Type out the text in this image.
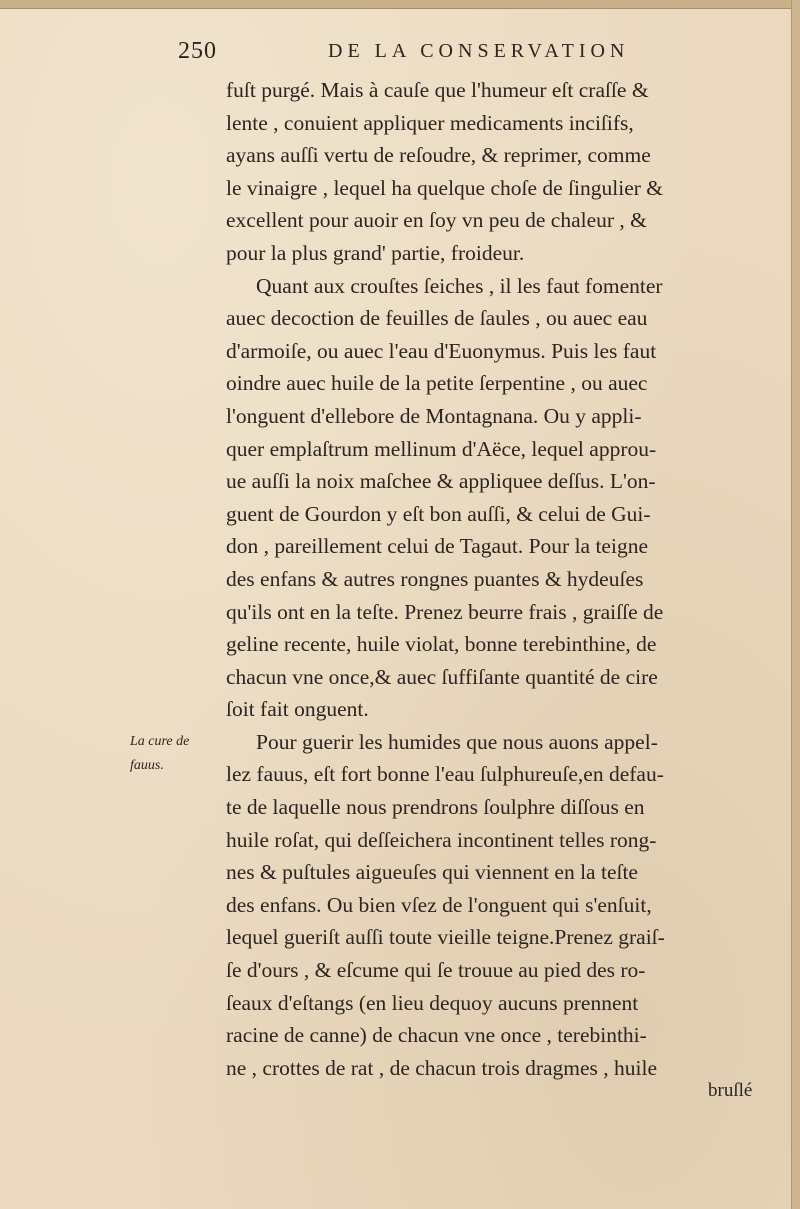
250	DE LA CONSERVATION
La cure de
fauus.
fuſt purgé. Mais à cauſe que l'humeur eſt craſſe &
lente , conuient appliquer medicaments inciſifs,
ayans auſſi vertu de reſoudre, & reprimer, comme
le vinaigre , lequel ha quelque choſe de ſingulier &
excellent pour auoir en ſoy vn peu de chaleur , &
pour la plus grand' partie, froideur.
Quant aux crouſtes ſeiches , il les faut fomenter
auec decoction de feuilles de ſaules , ou auec eau
d'armoiſe, ou auec l'eau d'Euonymus. Puis les faut
oindre auec huile de la petite ſerpentine , ou auec
l'onguent d'ellebore de Montagnana. Ou y appli-
quer emplaſtrum mellinum d'Aëce, lequel approu-
ue auſſi la noix maſchee & appliquee deſſus. L'on-
guent de Gourdon y eſt bon auſſi, & celui de Gui-
don , pareillement celui de Tagaut. Pour la teigne
des enfans & autres rongnes puantes & hydeuſes
qu'ils ont en la teſte. Prenez beurre frais , graiſſe de
geline recente, huile violat, bonne terebinthine, de
chacun vne once,& auec ſuffiſante quantité de cire
ſoit fait onguent.
Pour guerir les humides que nous auons appel-
lez fauus, eſt fort bonne l'eau ſulphureuſe,en defau-
te de laquelle nous prendrons ſoulphre diſſous en
huile roſat, qui deſſeichera incontinent telles rong-
nes & puſtules aigueuſes qui viennent en la teſte
des enfans. Ou bien vſez de l'onguent qui s'enſuit,
lequel gueriſt auſſi toute vieille teigne.Prenez graiſ-
ſe d'ours , & eſcume qui ſe trouue au pied des ro-
ſeaux d'eſtangs (en lieu dequoy aucuns prennent
racine de canne) de chacun vne once , terebinthi-
ne , crottes de rat , de chacun trois dragmes , huile
bruſlé
